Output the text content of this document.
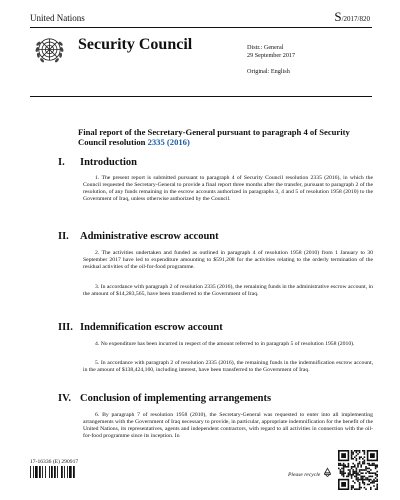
United Nations	S/2017/820
Security Council	Distr.: General
29 September 2017
Original: English
Final report of the Secretary-General pursuant to paragraph 4 of Security Council resolution 2335 (2016)
I. Introduction
1. The present report is submitted pursuant to paragraph 4 of Security Council resolution 2335 (2016), in which the Council requested the Secretary-General to provide a final report three months after the transfer, pursuant to paragraph 2 of the resolution, of any funds remaining in the escrow accounts authorized in paragraphs 3, 4 and 5 of resolution 1958 (2010) to the Government of Iraq, unless otherwise authorized by the Council.
II. Administrative escrow account
2. The activities undertaken and funded as outlined in paragraph 4 of resolution 1958 (2010) from 1 January to 30 September 2017 have led to expenditure amounting to $591,208 for the activities relating to the orderly termination of the residual activities of the oil-for-food programme.
3. In accordance with paragraph 2 of resolution 2335 (2016), the remaining funds in the administrative escrow account, in the amount of $14,283,565, have been transferred to the Government of Iraq.
III. Indemnification escrow account
4. No expenditure has been incurred in respect of the amount referred to in paragraph 5 of resolution 1958 (2010).
5. In accordance with paragraph 2 of resolution 2335 (2016), the remaining funds in the indemnification escrow account, in the amount of $138,424,160, including interest, have been transferred to the Government of Iraq.
IV. Conclusion of implementing arrangements
6. By paragraph 7 of resolution 1958 (2010), the Secretary-General was requested to enter into all implementing arrangements with the Government of Iraq necessary to provide, in particular, appropriate indemnification for the benefit of the United Nations, its representatives, agents and independent contractors, with regard to all activities in connection with the oil-for-food programme since its inception. In
17-16336 (E) 290917
Please recycle
